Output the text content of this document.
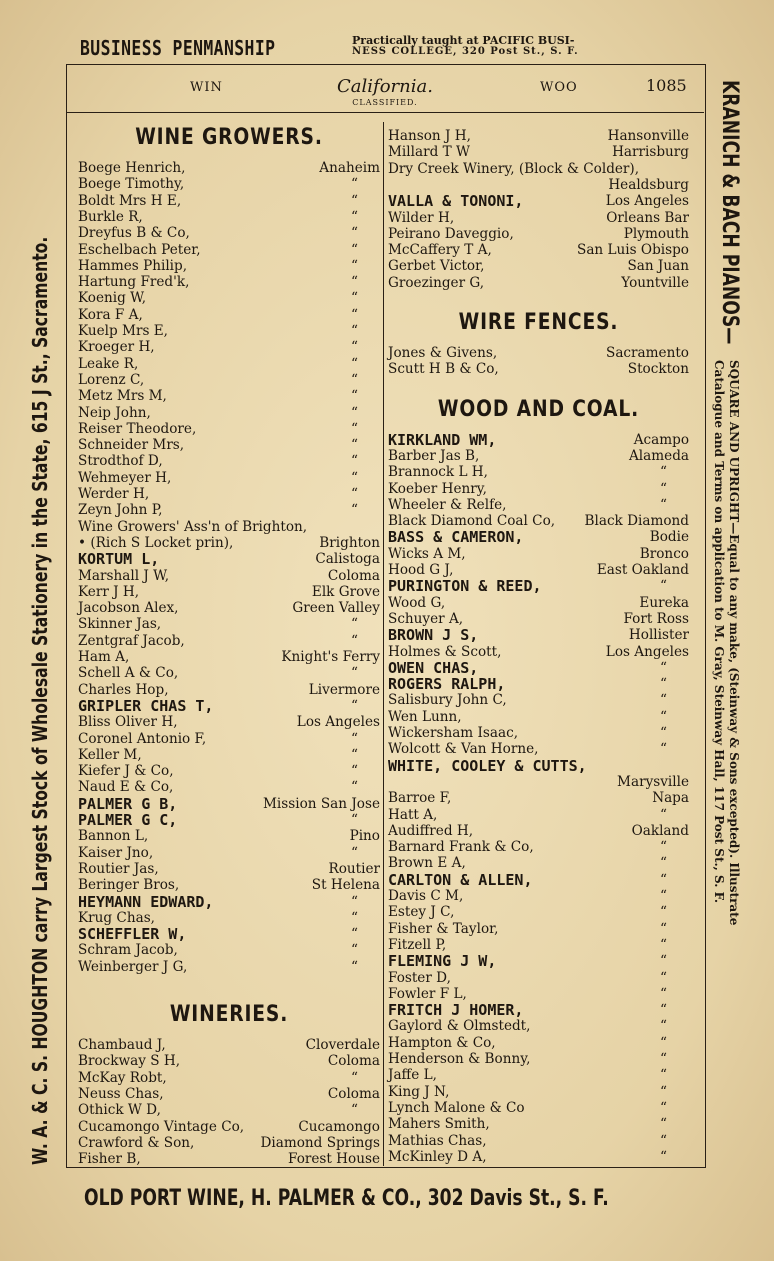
BUSINESS PENMANSHIP	Practically taught at PACIFIC BUSI-
NESS COLLEGE, 320 Post St., S. F.
WIN	California.
CLASSIFIED.
WOO	1085
WINE GROWERS.
Boege Henrich,	Anaheim
Boege Timothy,	“
Boldt Mrs H E,	“
Burkle R,	“
Dreyfus B & Co,	“
Eschelbach Peter,	“
Hammes Philip,	“
Hartung Fred'k,	“
Koenig W,	“
Kora F A,	“
Kuelp Mrs E,	“
Kroeger H,	“
Leake R,	“
Lorenz C,	“
Metz Mrs M,	“
Neip John,	“
Reiser Theodore,	“
Schneider Mrs,	“
Strodthof D,	“
Wehmeyer H,	“
Werder H,	“
Zeyn John P,	“
Wine Growers' Ass'n of Brighton,
• (Rich S Locket prin),	Brighton
KORTUM L,	Calistoga
Marshall J W,	Coloma
Kerr J H,	Elk Grove
Jacobson Alex,	Green Valley
Skinner Jas,	“
Zentgraf Jacob,	“
Ham A,	Knight's Ferry
Schell A & Co,	“
Charles Hop,	Livermore
GRIPLER CHAS T,	“
Bliss Oliver H,	Los Angeles
Coronel Antonio F,	“
Keller M,	“
Kiefer J & Co,	“
Naud E & Co,	“
PALMER G B,	Mission San Jose
PALMER G C,	“
Bannon L,	Pino
Kaiser Jno,	“
Routier Jas,	Routier
Beringer Bros,	St Helena
HEYMANN EDWARD,	“
Krug Chas,	“
SCHEFFLER W,	“
Schram Jacob,	“
Weinberger J G,	“
WINERIES.
Chambaud J,	Cloverdale
Brockway S H,	Coloma
McKay Robt,	“
Neuss Chas,	Coloma
Othick W D,	“
Cucamongo Vintage Co,	Cucamongo
Crawford & Son,	Diamond Springs
Fisher B,	Forest House
Hanson J H,	Hansonville
Millard T W	Harrisburg
Dry Creek Winery, (Block & Colder),
Healdsburg
VALLA & TONONI,	Los Angeles
Wilder H,	Orleans Bar
Peirano Daveggio,	Plymouth
McCaffery T A,	San Luis Obispo
Gerbet Victor,	San Juan
Groezinger G,	Yountville
WIRE FENCES.
Jones & Givens,	Sacramento
Scutt H B & Co,	Stockton
WOOD AND COAL.
KIRKLAND WM,	Acampo
Barber Jas B,	Alameda
Brannock L H,	“
Koeber Henry,	“
Wheeler & Relfe,	“
Black Diamond Coal Co, Black Diamond
BASS & CAMERON,	Bodie
Wicks A M,	Bronco
Hood G J,	East Oakland
PURINGTON & REED,	“
Wood G,	Eureka
Schuyer A,	Fort Ross
BROWN J S,	Hollister
Holmes & Scott,	Los Angeles
OWEN CHAS,	“
ROGERS RALPH,	“
Salisbury John C,	“
Wen Lunn,	“
Wickersham Isaac,	“
Wolcott & Van Horne,	“
WHITE, COOLEY & CUTTS,
Marysville
Barroe F,	Napa
Hatt A,	“
Audiffred H,	Oakland
Barnard Frank & Co,	“
Brown E A,	“
CARLTON & ALLEN,	“
Davis C M,	“
Estey J C,	“
Fisher & Taylor,	“
Fitzell P,	“
FLEMING J W,	“
Foster D,	“
Fowler F L,	“
FRITCH J HOMER,	“
Gaylord & Olmstedt,	“
Hampton & Co,	“
Henderson & Bonny,	“
Jaffe L,	“
King J N,	“
Lynch Malone & Co	“
Mahers Smith,	“
Mathias Chas,	“
McKinley D A,	“
W. A. & C. S. HOUGHTON carry Largest Stock of Wholesale Stationery in the State, 615 J St., Sacramento.
KRANICH & BACH PIANOS—
SQUARE AND UPRIGHT—Equal to any make, (Steinway & Sons excepted). Illustrate
Catalogue and Terms on application to M. Gray, Steinway Hall, 117 Post St., S. F.
OLD PORT WINE, H. PALMER & CO., 302 Davis St., S. F.
